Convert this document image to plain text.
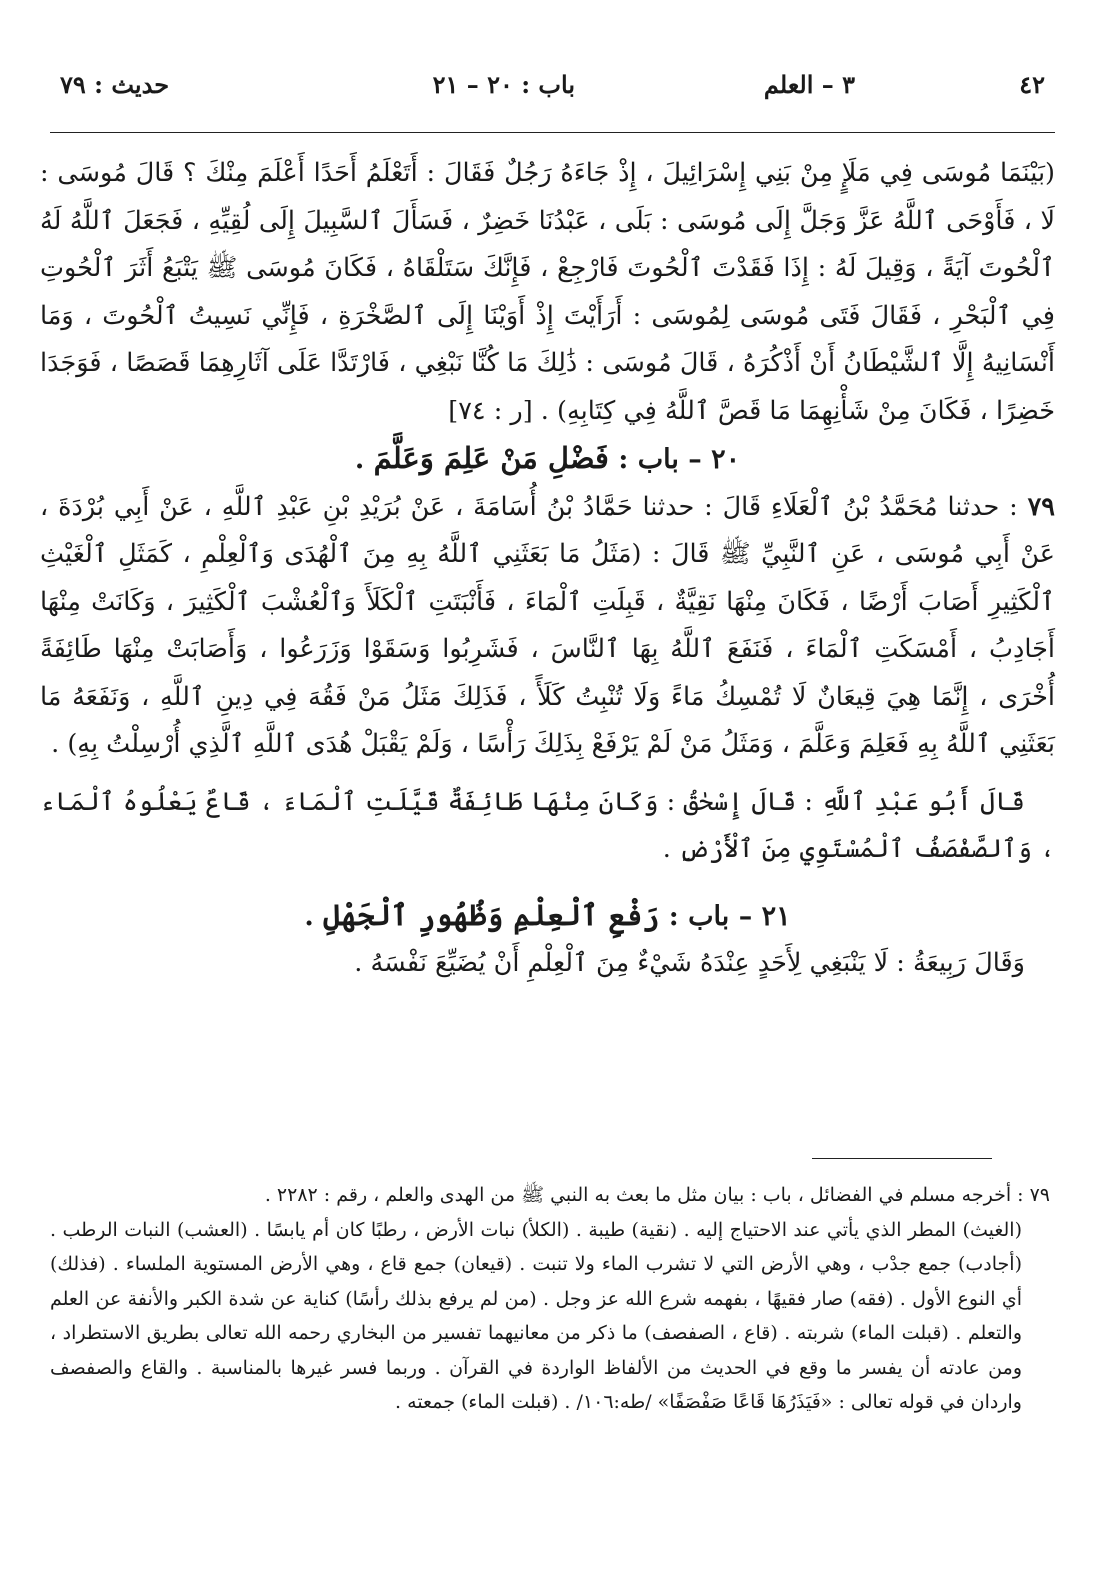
٤٢
٣ – العلم
باب : ٢٠ – ٢١
حديث : ٧٩

(بَيْنَمَا مُوسَى فِي مَلَإٍ مِنْ بَنِي إِسْرَائِيلَ ، إِذْ جَاءَهُ رَجُلٌ فَقَالَ : أَتَعْلَمُ أَحَدًا أَعْلَمَ مِنْكَ ؟ قَالَ مُوسَى : لَا ، فَأَوْحَى ٱللَّهُ عَزَّ وَجَلَّ إِلَى مُوسَى : بَلَى ، عَبْدُنَا خَضِرٌ ، فَسَأَلَ ٱلسَّبِيلَ إِلَى لُقِيِّهِ ، فَجَعَلَ ٱللَّهُ لَهُ ٱلْحُوتَ آيَةً ، وَقِيلَ لَهُ : إِذَا فَقَدْتَ ٱلْحُوتَ فَارْجِعْ ، فَإِنَّكَ سَتَلْقَاهُ ، فَكَانَ مُوسَى ﷺ يَتْبَعُ أَثَرَ ٱلْحُوتِ فِي ٱلْبَحْرِ ، فَقَالَ فَتَى مُوسَى لِمُوسَى : أَرَأَيْتَ إِذْ أَوَيْنَا إِلَى ٱلصَّخْرَةِ ، فَإِنِّي نَسِيتُ ٱلْحُوتَ ، وَمَا أَنْسَانِيهُ إِلَّا ٱلشَّيْطَانُ أَنْ أَذْكُرَهُ ، قَالَ مُوسَى : ذَٰلِكَ مَا كُنَّا نَبْغِي ، فَارْتَدَّا عَلَى آثَارِهِمَا قَصَصًا ، فَوَجَدَا خَضِرًا ، فَكَانَ مِنْ شَأْنِهِمَا مَا قَصَّ ٱللَّهُ فِي كِتَابِهِ) . [ر : ٧٤]

٢٠ – باب : فَضْلِ مَنْ عَلِمَ وَعَلَّمَ .

٧٩ : حدثنا مُحَمَّدُ بْنُ ٱلْعَلَاءِ قَالَ : حدثنا حَمَّادُ بْنُ أُسَامَةَ ، عَنْ بُرَيْدِ بْنِ عَبْدِ ٱللَّهِ ، عَنْ أَبِي بُرْدَةَ ، عَنْ أَبِي مُوسَى ، عَنِ ٱلنَّبِيِّ ﷺ قَالَ : (مَثَلُ مَا بَعَثَنِي ٱللَّهُ بِهِ مِنَ ٱلْهُدَى وَٱلْعِلْمِ ، كَمَثَلِ ٱلْغَيْثِ ٱلْكَثِيرِ أَصَابَ أَرْضًا ، فَكَانَ مِنْهَا نَقِيَّةٌ ، قَبِلَتِ ٱلْمَاءَ ، فَأَنْبَتَتِ ٱلْكَلَأَ وَٱلْعُشْبَ ٱلْكَثِيرَ ، وَكَانَتْ مِنْهَا أَجَادِبُ ، أَمْسَكَتِ ٱلْمَاءَ ، فَنَفَعَ ٱللَّهُ بِهَا ٱلنَّاسَ ، فَشَرِبُوا وَسَقَوْا وَزَرَعُوا ، وَأَصَابَتْ مِنْهَا طَائِفَةً أُخْرَى ، إِنَّمَا هِيَ قِيعَانٌ لَا تُمْسِكُ مَاءً وَلَا تُنْبِتُ كَلَأً ، فَذَلِكَ مَثَلُ مَنْ فَقُهَ فِي دِينِ ٱللَّهِ ، وَنَفَعَهُ مَا بَعَثَنِي ٱللَّهُ بِهِ فَعَلِمَ وَعَلَّمَ ، وَمَثَلُ مَنْ لَمْ يَرْفَعْ بِذَلِكَ رَأْسًا ، وَلَمْ يَقْبَلْ هُدَى ٱللَّهِ ٱلَّذِي أُرْسِلْتُ بِهِ) .

قَالَ أَبُو عَبْدِ ٱللَّهِ : قَالَ إِسْحٰقُ : وَكَانَ مِنْهَا طَائِفَةٌ قَيَّلَتِ ٱلْمَاءَ ، قَاعٌ يَعْلُوهُ ٱلْمَاء ، وَٱلصَّفْصَفُ ٱلْمُسْتَوِي مِنَ ٱلْأَرْضِ .

٢١ – باب : رَفْعِ ٱلْعِلْمِ وَظُهُورِ ٱلْجَهْلِ .

وَقَالَ رَبِيعَةُ : لَا يَنْبَغِي لِأَحَدٍ عِنْدَهُ شَيْءٌ مِنَ ٱلْعِلْمِ أَنْ يُضَيِّعَ نَفْسَهُ .

٧٩ : أخرجه مسلم في الفضائل ، باب : بيان مثل ما بعث به النبي ﷺ من الهدى والعلم ، رقم : ٢٢٨٢ .

(الغيث) المطر الذي يأتي عند الاحتياج إليه . (نقية) طيبة . (الكلأ) نبات الأرض ، رطبًا كان أم يابسًا . (العشب) النبات الرطب . (أجادب) جمع جدْب ، وهي الأرض التي لا تشرب الماء ولا تنبت . (قيعان) جمع قاع ، وهي الأرض المستوية الملساء . (فذلك) أي النوع الأول . (فقه) صار فقيهًا ، بفهمه شرع الله عز وجل . (من لم يرفع بذلك رأسًا) كناية عن شدة الكبر والأنفة عن العلم والتعلم . (قبلت الماء) شربته . (قاع ، الصفصف) ما ذكر من معانيهما تفسير من البخاري رحمه الله تعالى بطريق الاستطراد ، ومن عادته أن يفسر ما وقع في الحديث من الألفاظ الواردة في القرآن . وربما فسر غيرها بالمناسبة . والقاع والصفصف واردان في قوله تعالى : «فَيَذَرُهَا قَاعًا صَفْصَفًا» /طه:١٠٦/ . (قبلت الماء) جمعته .
